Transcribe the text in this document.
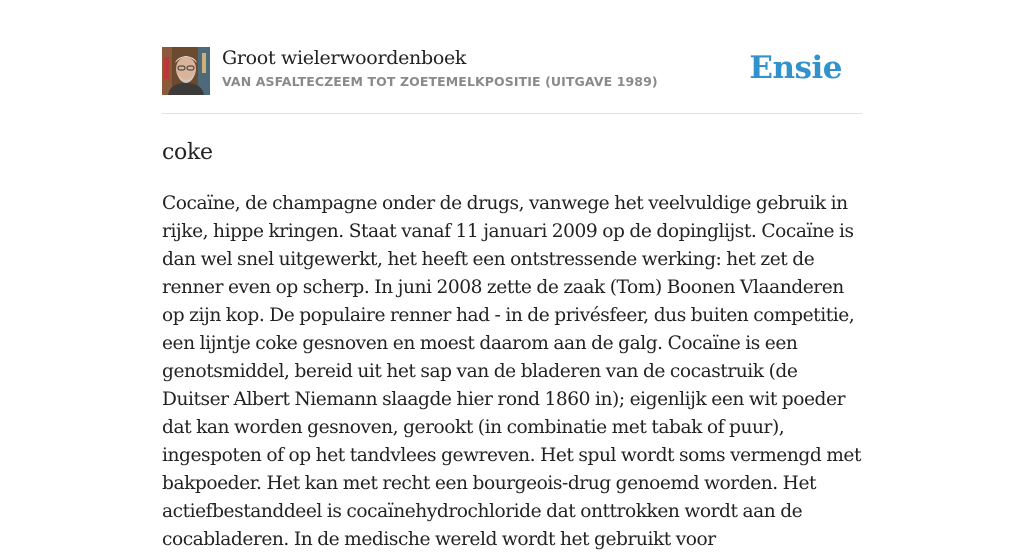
Groot wielerwoordenboek
VAN ASFALTECZEEM TOT ZOETEMELKPOSITIE (UITGAVE 1989)	Ensie
coke

Cocaïne, de champagne onder de drugs, vanwege het veelvuldige gebruik in rijke, hippe kringen. Staat vanaf 11 januari 2009 op de dopinglijst. Cocaïne is dan wel snel uitgewerkt, het heeft een ontstressende werking: het zet de renner even op scherp. In juni 2008 zette de zaak (Tom) Boonen Vlaanderen op zijn kop. De populaire renner had - in de privésfeer, dus buiten competitie, een lijntje coke gesnoven en moest daarom aan de galg. Cocaïne is een genotsmiddel, bereid uit het sap van de bladeren van de cocastruik (de Duitser Albert Niemann slaagde hier rond 1860 in); eigenlijk een wit poeder dat kan worden gesnoven, gerookt (in combinatie met tabak of puur), ingespoten of op het tandvlees gewreven. Het spul wordt soms vermengd met bakpoeder. Het kan met recht een bourgeois-drug genoemd worden. Het actiefbestanddeel is cocaïnehydrochloride dat onttrokken wordt aan de cocabladeren. In de medische wereld wordt het gebruikt voor
